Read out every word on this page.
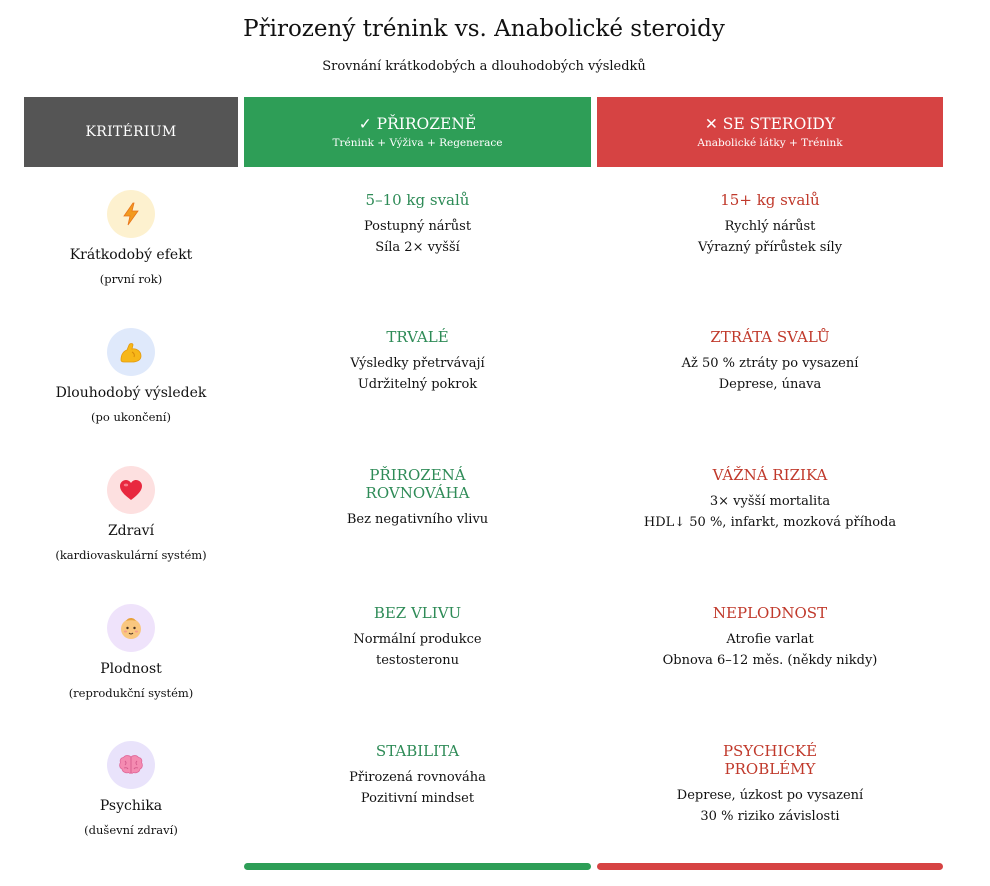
Přirozený trénink vs. Anabolické steroidy
Srovnání krátkodobých a dlouhodobých výsledků
KRITÉRIUM	✓ PŘIROZENĚ
Trénink + Výživa + Regenerace
✕ SE STEROIDY
Anabolické látky + Trénink
Krátkodobý efekt
(první rok)
5–10 kg svalů
Postupný nárůst
Síla 2× vyšší
15+ kg svalů
Rychlý nárůst
Výrazný přírůstek síly
Dlouhodobý výsledek
(po ukončení)
TRVALÉ
Výsledky přetrvávají
Udržitelný pokrok
ZTRÁTA SVALŮ
Až 50 % ztráty po vysazení
Deprese, únava
Zdraví
(kardiovaskulární systém)
PŘIROZENÁ ROVNOVÁHA
Bez negativního vlivu
VÁŽNÁ RIZIKA
3× vyšší mortalita
HDL↓ 50 %, infarkt, mozková příhoda
Plodnost
(reprodukční systém)
BEZ VLIVU
Normální produkce
testosteronu
NEPLODNOST
Atrofie varlat
Obnova 6–12 měs. (někdy nikdy)
Psychika
(duševní zdraví)
STABILITA
Přirozená rovnováha
Pozitivní mindset
PSYCHICKÉ PROBLÉMY
Deprese, úzkost po vysazení
30 % riziko závislosti
